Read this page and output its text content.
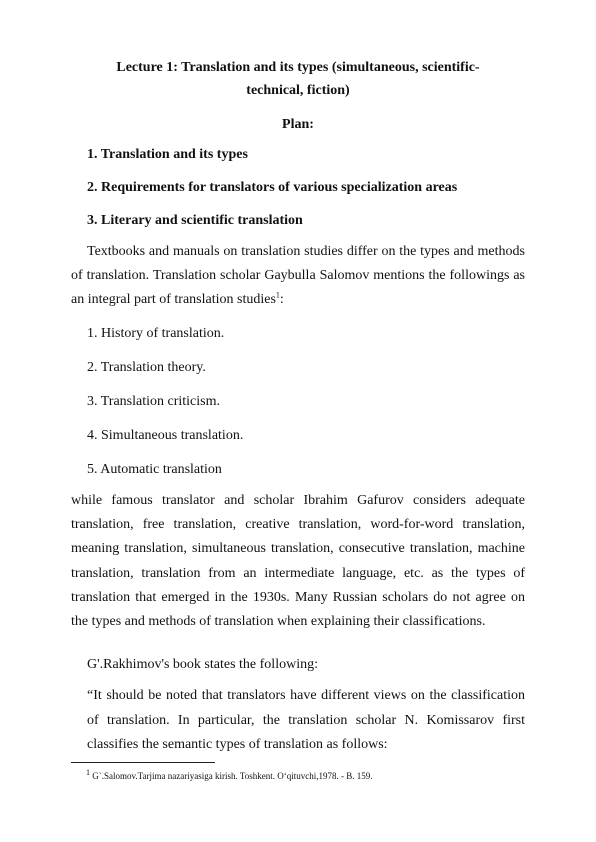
Lecture 1: Translation and its types (simultaneous, scientific-technical, fiction)
Plan:
1. Translation and its types
2. Requirements for translators of various specialization areas
3. Literary and scientific translation

Textbooks and manuals on translation studies differ on the types and methods of translation. Translation scholar Gaybulla Salomov mentions the followings as an integral part of translation studies$^1$:

1. History of translation.
2. Translation theory.
3. Translation criticism.
4. Simultaneous translation.
5. Automatic translation

while famous translator and scholar Ibrahim Gafurov considers adequate translation, free translation, creative translation, word-for-word translation, meaning translation, simultaneous translation, consecutive translation, machine translation, translation from an intermediate language, etc. as the types of translation that emerged in the 1930s. Many Russian scholars do not agree on the types and methods of translation when explaining their classifications.

G'.Rakhimov's book states the following:

“It should be noted that translators have different views on the classification of translation. In particular, the translation scholar N. Komissarov first classifies the semantic types of translation as follows:

$^1$ G`.Salomov.Tarjima nazariyasiga kirish. Toshkent. O‘qituvchi,1978. - B. 159.
